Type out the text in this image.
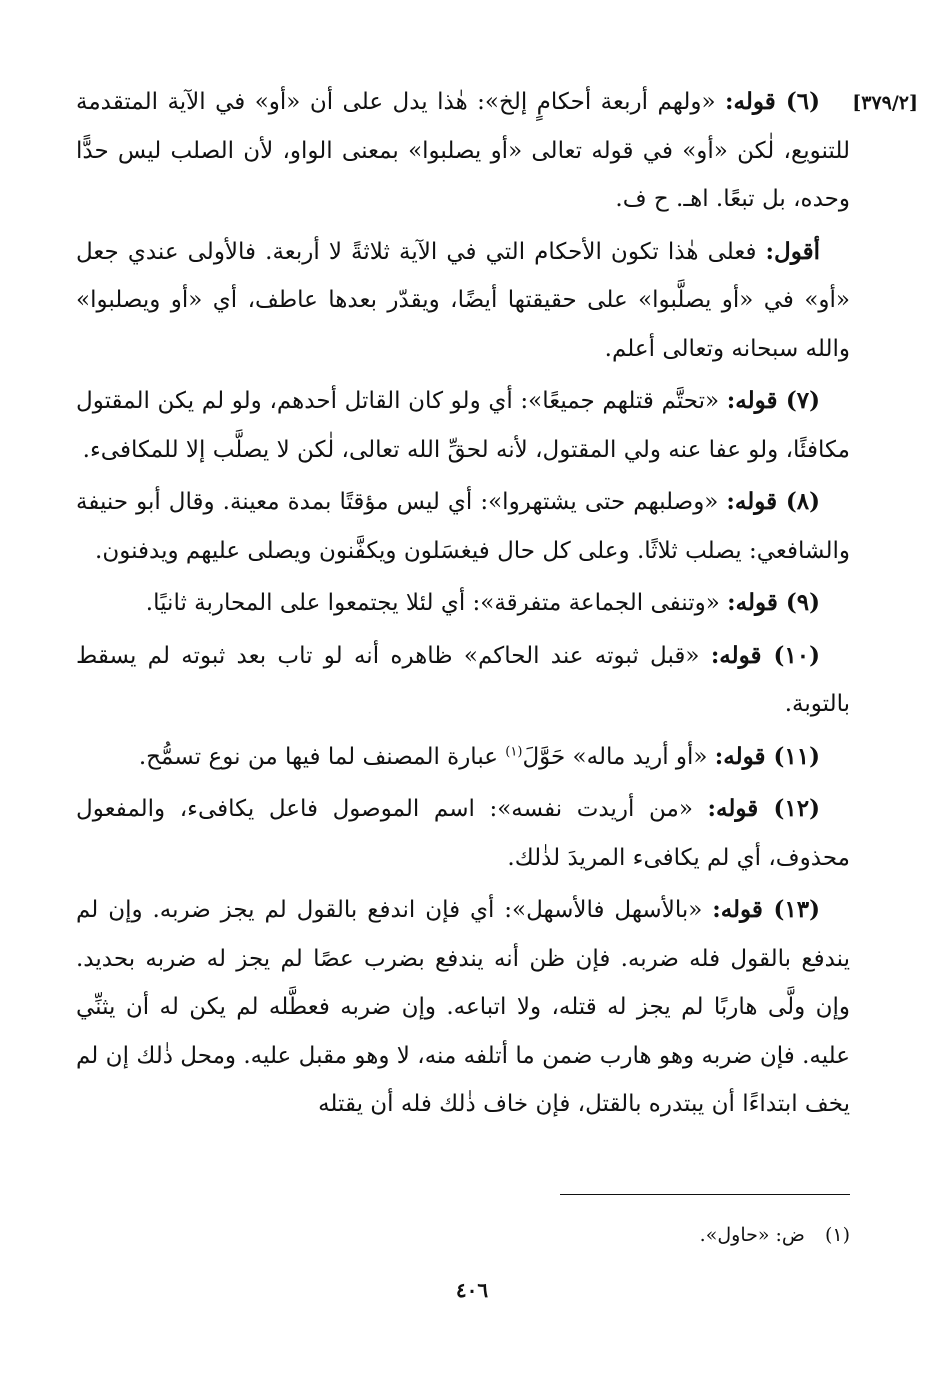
[٣٧٩/٢]

(٦) قوله: «ولهم أربعة أحكامٍ إلخ»: هٰذا يدل على أن «أو» في الآية المتقدمة للتنويع، لٰكن «أو» في قوله تعالى «أو يصلبوا» بمعنى الواو، لأن الصلب ليس حدًّا وحده، بل تبعًا. اهـ. ح ف.

أقول: فعلى هٰذا تكون الأحكام التي في الآية ثلاثةً لا أربعة. فالأولى عندي جعل «أو» في «أو يصلَّبوا» على حقيقتها أيضًا، ويقدّر بعدها عاطف، أي «أو ويصلبوا» والله سبحانه وتعالى أعلم.

(٧) قوله: «تحتَّم قتلهم جميعًا»: أي ولو كان القاتل أحدهم، ولو لم يكن المقتول مكافئًا، ولو عفا عنه ولي المقتول، لأنه لحقِّ الله تعالى، لٰكن لا يصلَّب إلا للمكافىء.

(٨) قوله: «وصلبهم حتى يشتهروا»: أي ليس مؤقتًا بمدة معينة. وقال أبو حنيفة والشافعي: يصلب ثلاثًا. وعلى كل حال فيغسَلون ويكفَّنون ويصلى عليهم ويدفنون.

(٩) قوله: «وتنفى الجماعة متفرقة»: أي لئلا يجتمعوا على المحاربة ثانيًا.

(١٠) قوله: «قبل ثبوته عند الحاكم» ظاهره أنه لو تاب بعد ثبوته لم يسقط بالتوبة.

(١١) قوله: «أو أريد ماله» حَوَّلَ$^{(١)}$ عبارة المصنف لما فيها من نوع تسمُّح.

(١٢) قوله: «من أريدت نفسه»: اسم الموصول فاعل يكافىء، والمفعول محذوف، أي لم يكافىء المريدَ لذٰلك.

(١٣) قوله: «بالأسهل فالأسهل»: أي فإن اندفع بالقول لم يجز ضربه. وإن لم يندفع بالقول فله ضربه. فإن ظن أنه يندفع بضرب عصًا لم يجز له ضربه بحديد. وإن ولَّى هاربًا لم يجز له قتله، ولا اتباعه. وإن ضربه فعطَّله لم يكن له أن يثنِّي عليه. فإن ضربه وهو هارب ضمن ما أتلفه منه، لا وهو مقبل عليه. ومحل ذٰلك إن لم يخف ابتداءًا أن يبتدره بالقتل، فإن خاف ذٰلك فله أن يقتله

(١) ض: «حاول».
٤٠٦
